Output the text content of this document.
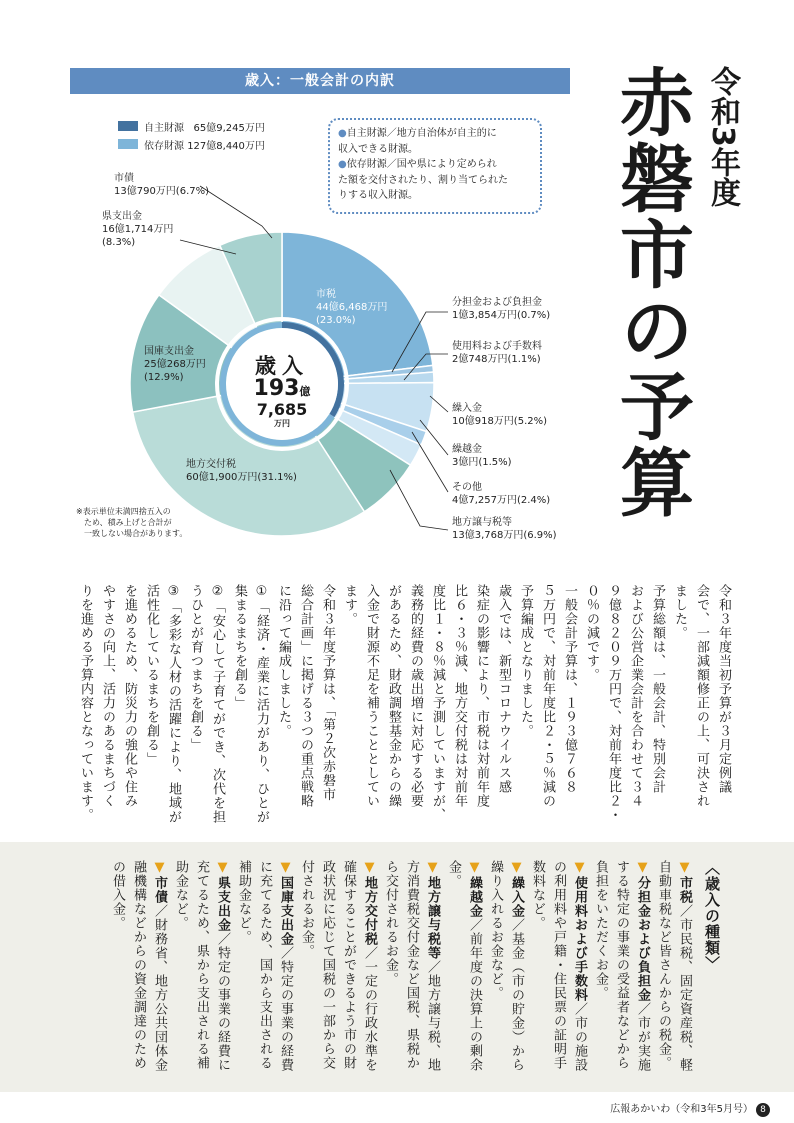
歳入：一般会計の内訳
自主財源 65億9,245万円
依存財源 127億8,440万円
●自主財源／地方自治体が自主的に
収入できる財源。
●依存財源／国や県により定められ
た額を交付されたり、割り当てられた
りする収入財源。
歳入
193億
7,685
万円
市税
44億6,468万円
(23.0%)
分担金および負担金
1億3,854万円(0.7%)
使用料および手数料
2億748万円(1.1%)
繰入金
10億918万円(5.2%)
繰越金
3億円(1.5%)
その他
4億7,257万円(2.4%)
地方譲与税等
13億3,768万円(6.9%)
地方交付税
60億1,900万円(31.1%)
国庫支出金
25億268万円
(12.9%)
県支出金
16億1,714万円
(8.3%)
市債
13億790万円(6.7%)
※表示単位未満四捨五入の
ため、積み上げと合計が
一致しない場合があります。
令和3年度
赤磐市の予算
令和３年度当初予算が３月定例議
会で、一部減額修正の上、可決され
ました。
予算総額は、一般会計、特別会計
および公営企業会計を合わせて３４
９億８２０９万円で、対前年度比２・
０％の減です。
一般会計予算は、１９３億７６８
５万円で、対前年度比２・５％減の
予算編成となりました。
歳入では、新型コロナウイルス感
染症の影響により、市税は対前年度
比６・３％減、地方交付税は対前年
度比１・８％減と予測していますが、
義務的経費の歳出増に対応する必要
があるため、財政調整基金からの繰
入金で財源不足を補うこととしてい
ます。
令和３年度予算は、「第２次赤磐市
総合計画」に掲げる３つの重点戦略
に沿って編成しました。
①「経済・産業に活力があり、ひとが
集まるまちを創る」
②「安心して子育てができ、次代を担
うひとが育つまちを創る」
③「多彩な人材の活躍により、地域が
活性化しているまちを創る」
を進めるため、防災力の強化や住み
やすさの向上、活力のあるまちづく
りを進める予算内容となっています。
〈歳入の種類〉
▼市税／市民税、固定資産税、軽自動車税など皆さんからの税金。
▼分担金および負担金／市が実施する特定の事業の受益者などから負担をいただくお金。
▼使用料および手数料／市の施設の利用料や戸籍・住民票の証明手数料など。
▼繰入金／基金（市の貯金）から繰り入れるお金など。
▼繰越金／前年度の決算上の剰余金。
▼地方譲与税等／地方譲与税、地方消費税交付金など国税、県税から交付されるお金。
▼地方交付税／一定の行政水準を確保することができるよう市の財政状況に応じて国税の一部から交付されるお金。
▼国庫支出金／特定の事業の経費に充てるため、国から支出される補助金など。
▼県支出金／特定の事業の経費に充てるため、県から支出される補助金など。
▼市債／財務省、地方公共団体金融機構などからの資金調達のための借入金。
広報あかいわ（令和3年5月号） 8
